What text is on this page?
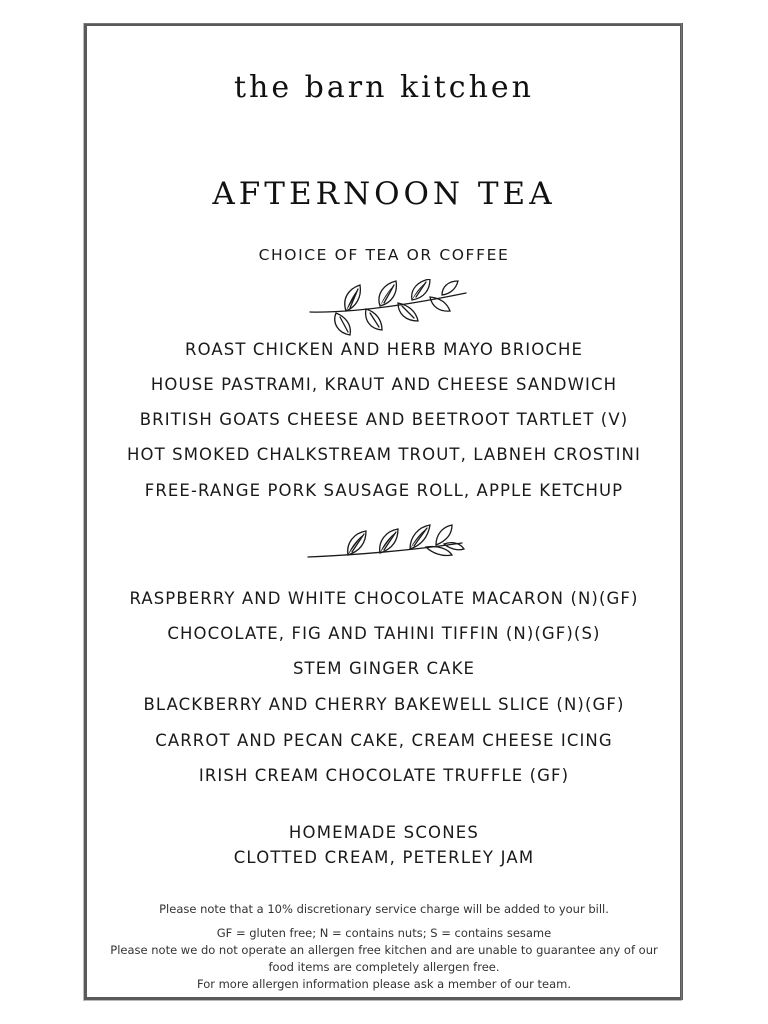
the barn kitchen
AFTERNOON TEA
CHOICE OF TEA OR COFFEE
ROAST CHICKEN AND HERB MAYO BRIOCHE
HOUSE PASTRAMI, KRAUT AND CHEESE SANDWICH
BRITISH GOATS CHEESE AND BEETROOT TARTLET (V)
HOT SMOKED CHALKSTREAM TROUT, LABNEH CROSTINI
FREE-RANGE PORK SAUSAGE ROLL, APPLE KETCHUP
RASPBERRY AND WHITE CHOCOLATE MACARON (N)(GF)
CHOCOLATE, FIG AND TAHINI TIFFIN (N)(GF)(S)
STEM GINGER CAKE
BLACKBERRY AND CHERRY BAKEWELL SLICE (N)(GF)
CARROT AND PECAN CAKE, CREAM CHEESE ICING
IRISH CREAM CHOCOLATE TRUFFLE (GF)
HOMEMADE SCONES
CLOTTED CREAM, PETERLEY JAM
Please note that a 10% discretionary service charge will be added to your bill.
GF = gluten free; N = contains nuts; S = contains sesame
Please note we do not operate an allergen free kitchen and are unable to guarantee any of our
food items are completely allergen free.
For more allergen information please ask a member of our team.
